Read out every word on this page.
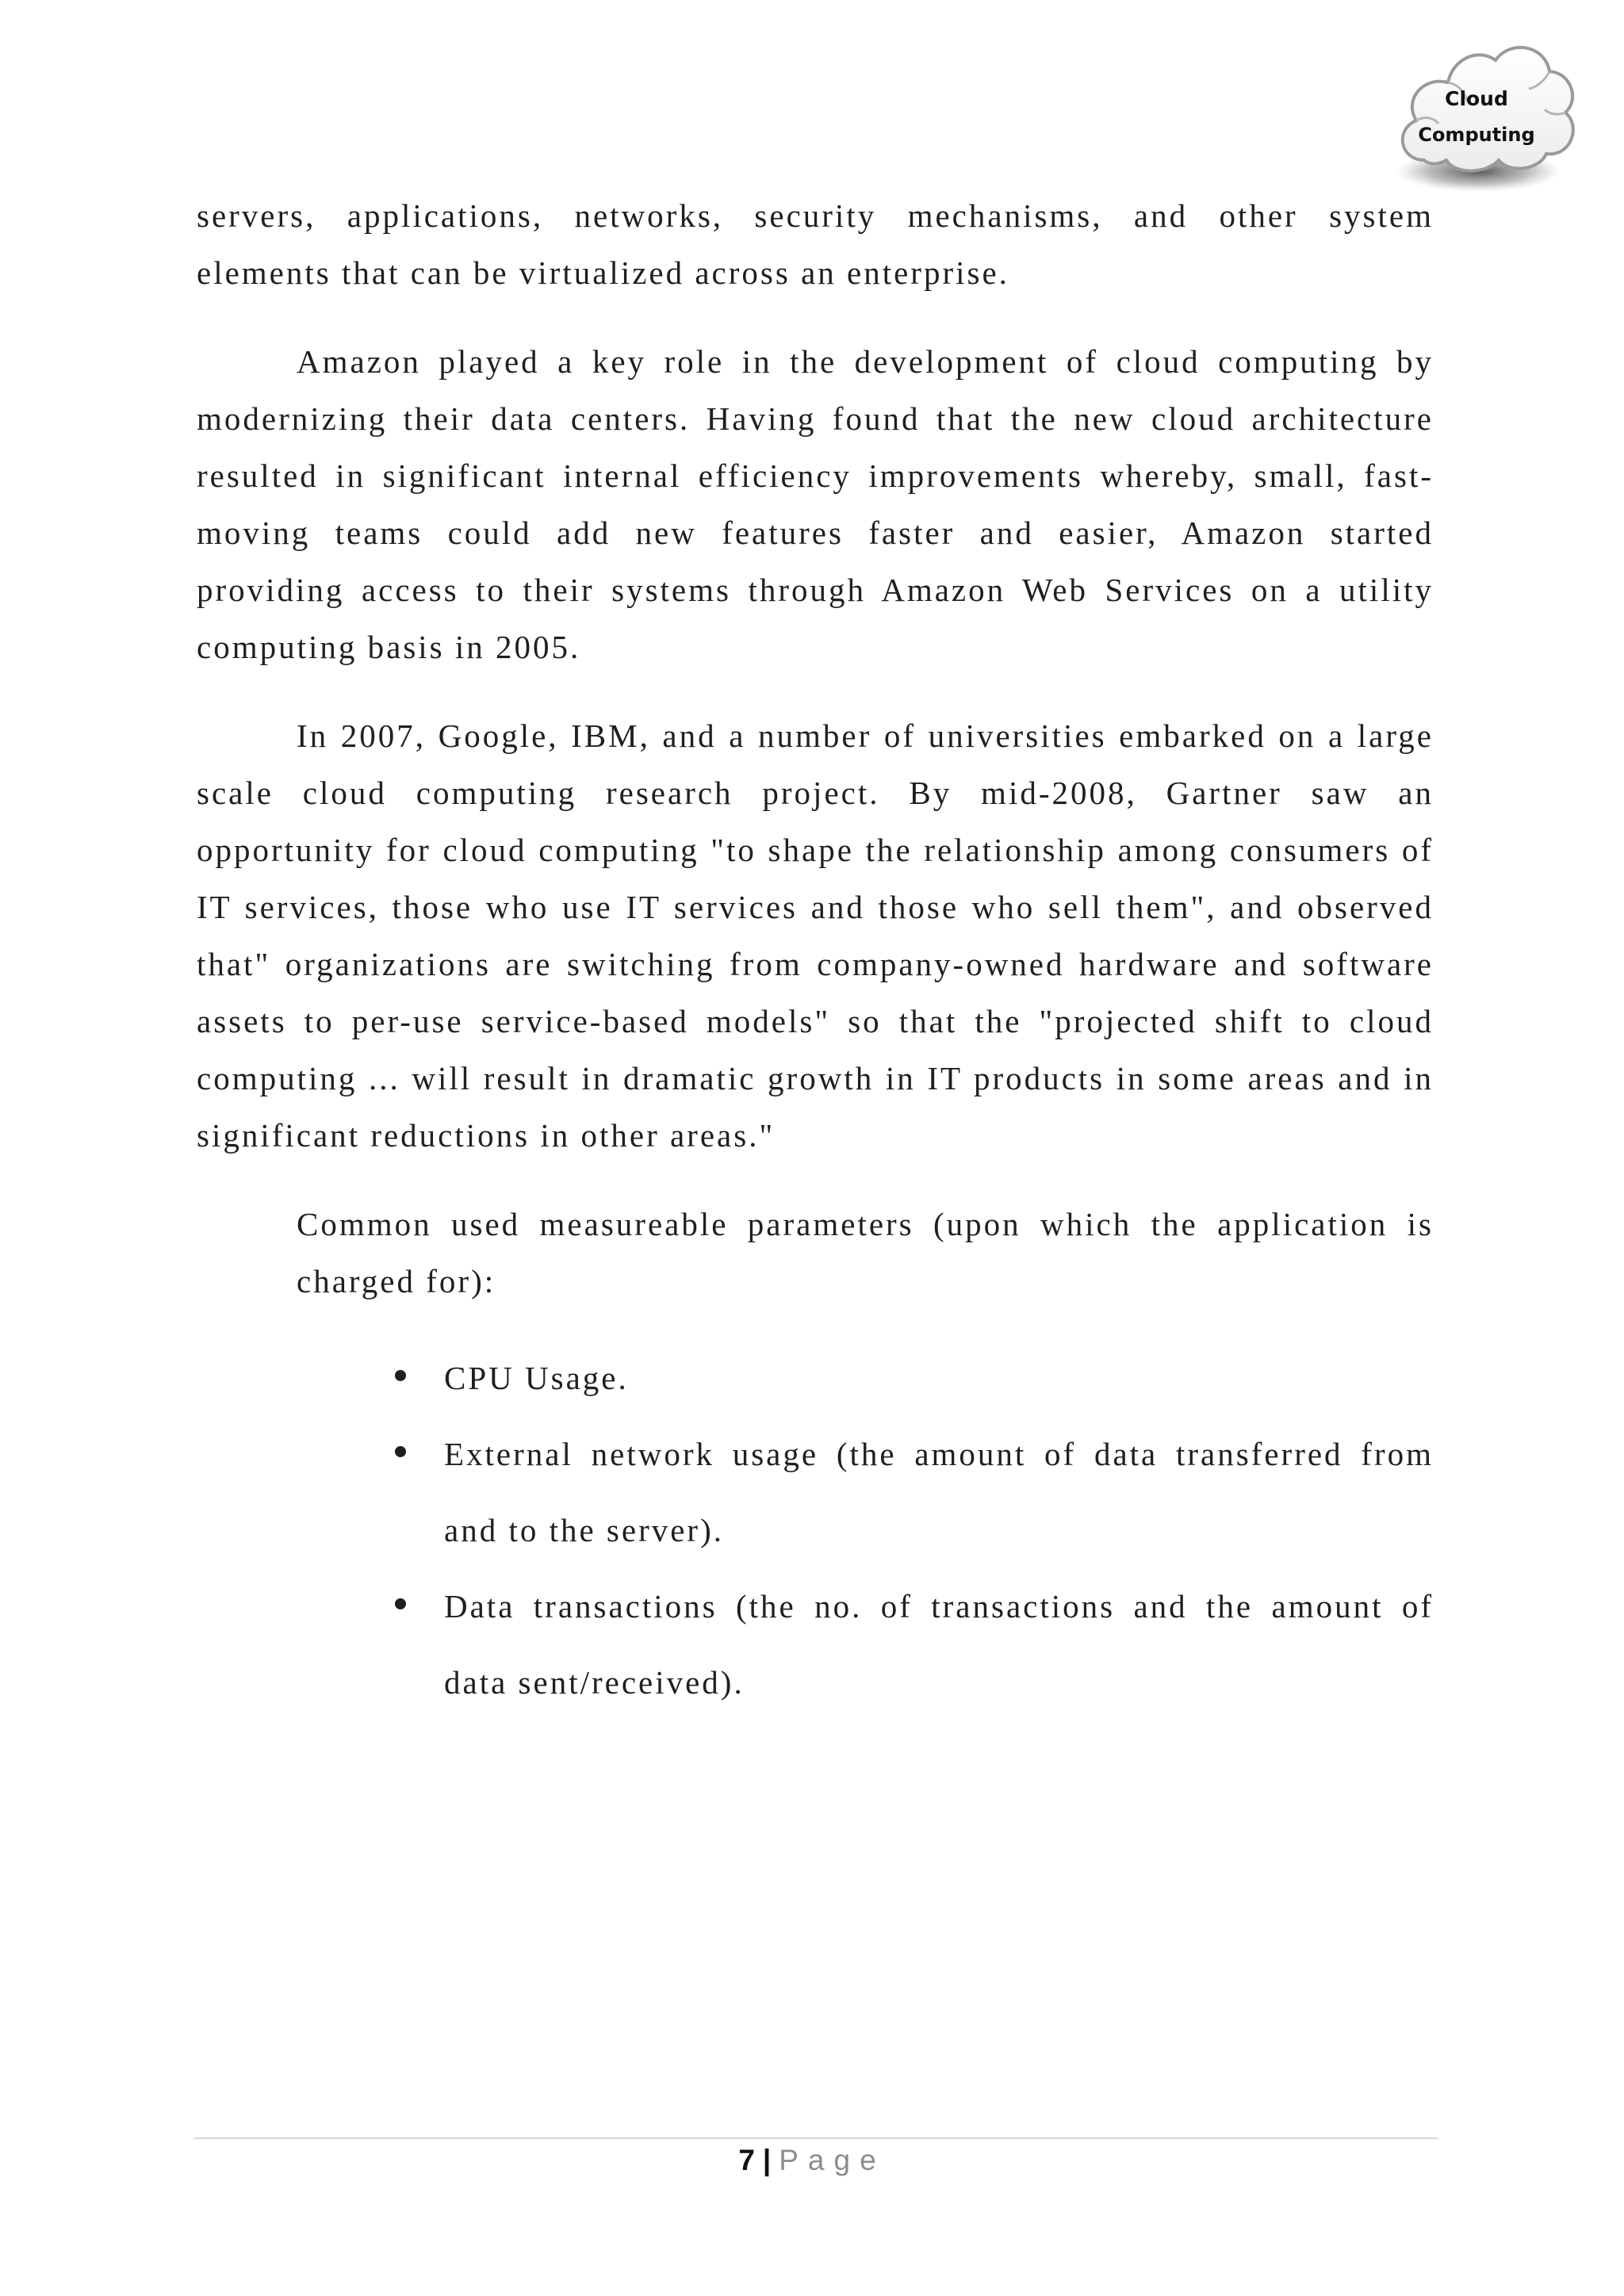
Cloud
Computing

servers, applications, networks, security mechanisms, and other system elements that can be virtualized across an enterprise.

Amazon played a key role in the development of cloud computing by modernizing their data centers. Having found that the new cloud architecture resulted in significant internal efficiency improvements whereby, small, fast-moving teams could add new features faster and easier, Amazon started providing access to their systems through Amazon Web Services on a utility computing basis in 2005.

In 2007, Google, IBM, and a number of universities embarked on a large scale cloud computing research project. By mid-2008, Gartner saw an opportunity for cloud computing "to shape the relationship among consumers of IT services, those who use IT services and those who sell them", and observed that" organizations are switching from company-owned hardware and software assets to per-use service-based models" so that the "projected shift to cloud computing ... will result in dramatic growth in IT products in some areas and in significant reductions in other areas."

Common used measureable parameters (upon which the application is charged for):

CPU Usage.
External network usage (the amount of data transferred from and to the server).
Data transactions (the no. of transactions and the amount of data sent/received).
7 | Page
